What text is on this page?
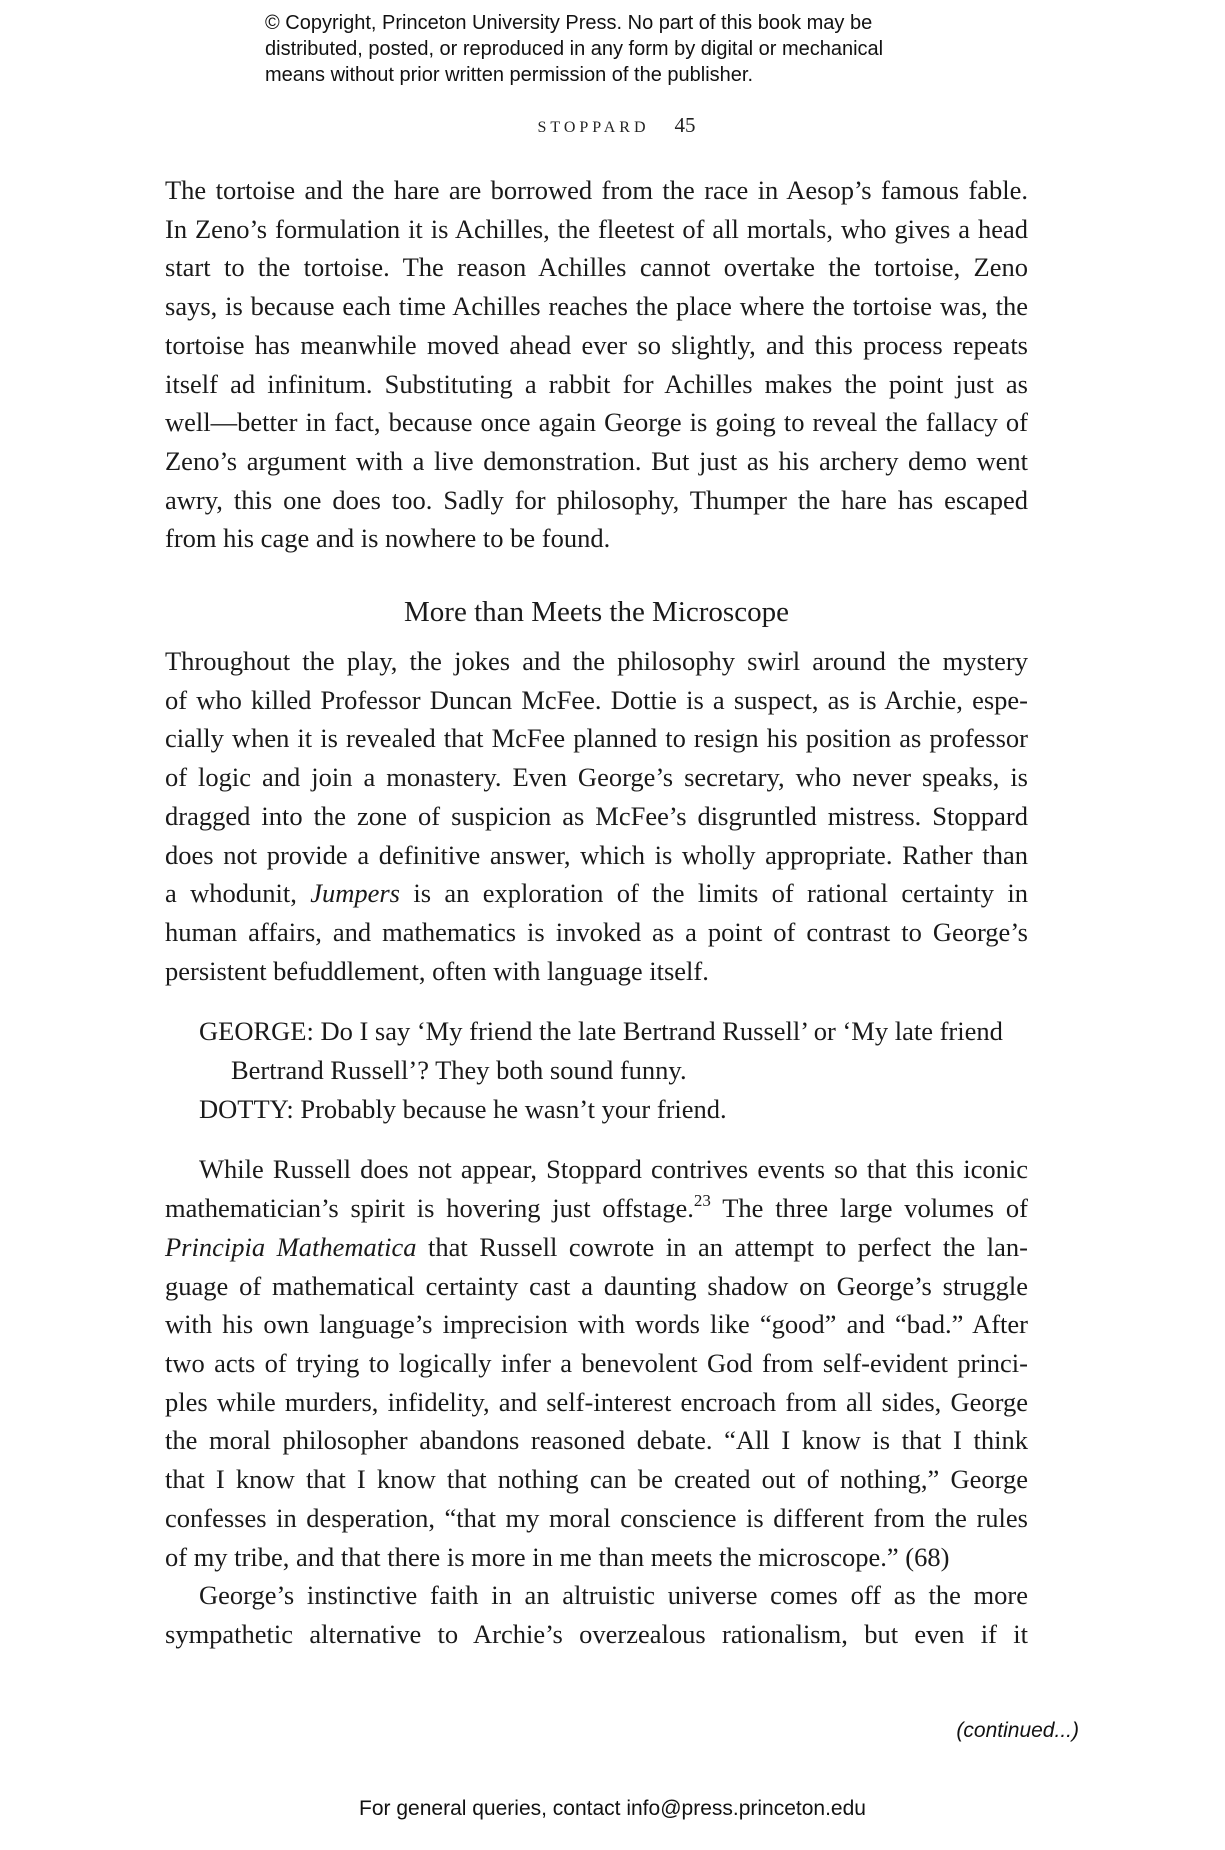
© Copyright, Princeton University Press. No part of this book may be
distributed, posted, or reproduced in any form by digital or mechanical
means without prior written permission of the publisher.
STOPPARD 45

The tortoise and the hare are borrowed from the race in Aesop’s famous fable.
In Zeno’s formulation it is Achilles, the fleetest of all mortals, who gives a head
start to the tortoise. The reason Achilles cannot overtake the tortoise, Zeno
says, is because each time Achilles reaches the place where the tortoise was, the
tortoise has meanwhile moved ahead ever so slightly, and this process repeats
itself ad infinitum. Substituting a rabbit for Achilles makes the point just as
well—better in fact, because once again George is going to reveal the fallacy of
Zeno’s argument with a live demonstration. But just as his archery demo went
awry, this one does too. Sadly for philosophy, Thumper the hare has escaped
from his cage and is nowhere to be found.

More than Meets the Microscope

Throughout the play, the jokes and the philosophy swirl around the mystery
of who killed Professor Duncan McFee. Dottie is a suspect, as is Archie, espe-
cially when it is revealed that McFee planned to resign his position as professor
of logic and join a monastery. Even George’s secretary, who never speaks, is
dragged into the zone of suspicion as McFee’s disgruntled mistress. Stoppard
does not provide a definitive answer, which is wholly appropriate. Rather than
a whodunit, Jumpers is an exploration of the limits of rational certainty in
human affairs, and mathematics is invoked as a point of contrast to George’s
persistent befuddlement, often with language itself.

GEORGE: Do I say ‘My friend the late Bertrand Russell’ or ‘My late friend
Bertrand Russell’? They both sound funny.
DOTTY: Probably because he wasn’t your friend.

While Russell does not appear, Stoppard contrives events so that this iconic
mathematician’s spirit is hovering just offstage.$^{23}$ The three large volumes of
Principia Mathematica that Russell cowrote in an attempt to perfect the lan-
guage of mathematical certainty cast a daunting shadow on George’s struggle
with his own language’s imprecision with words like “good” and “bad.” After
two acts of trying to logically infer a benevolent God from self-evident princi-
ples while murders, infidelity, and self-interest encroach from all sides, George
the moral philosopher abandons reasoned debate. “All I know is that I think
that I know that I know that nothing can be created out of nothing,” George
confesses in desperation, “that my moral conscience is different from the rules
of my tribe, and that there is more in me than meets the microscope.” (68)

George’s instinctive faith in an altruistic universe comes off as the more
sympathetic alternative to Archie’s overzealous rationalism, but even if it

(continued...)
For general queries, contact info@press.princeton.edu
